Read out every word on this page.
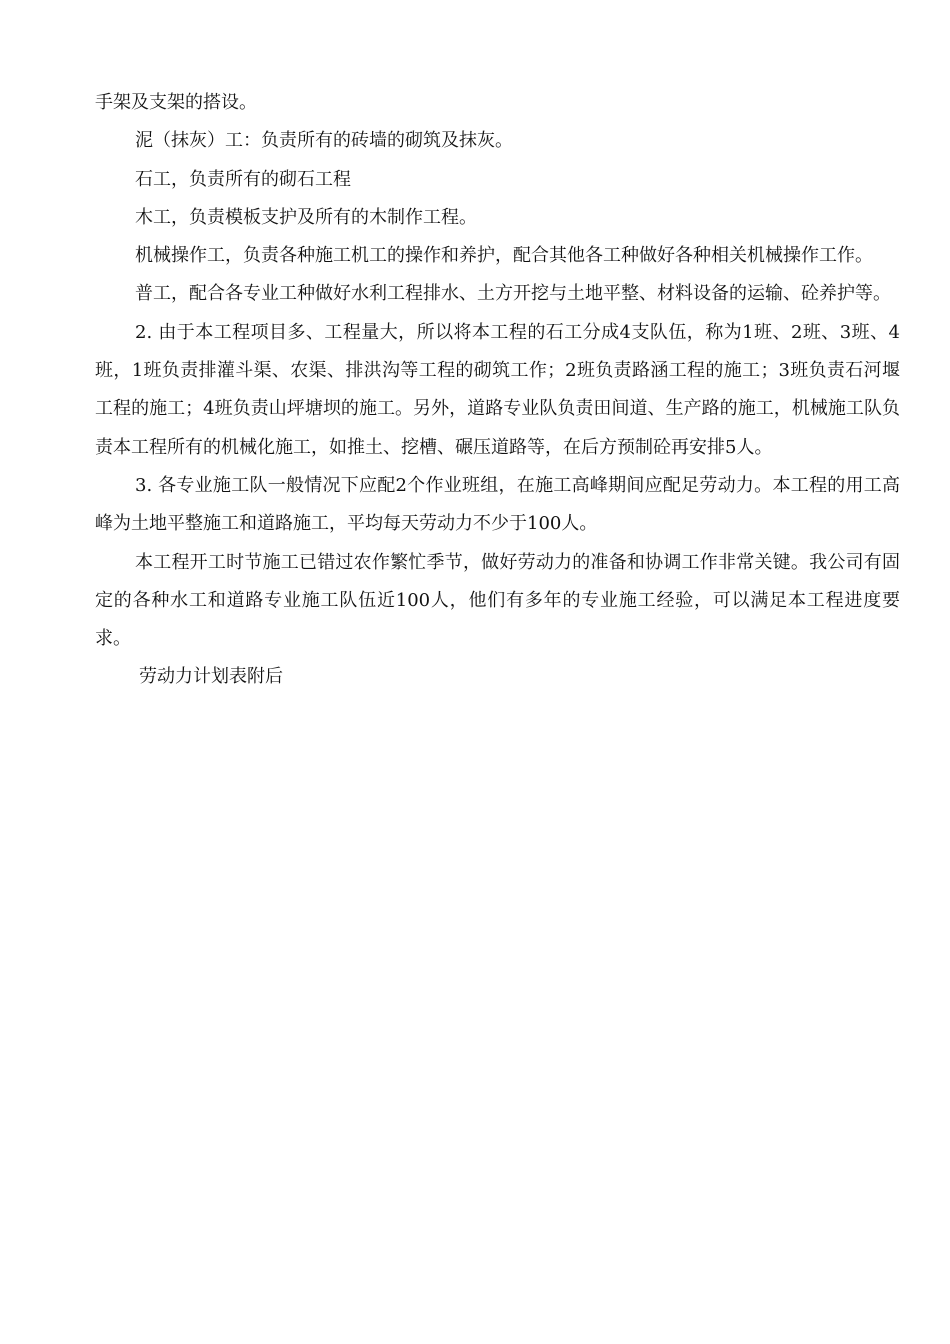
手架及支架的搭设。

泥（抹灰）工：负责所有的砖墙的砌筑及抹灰。

石工，负责所有的砌石工程

木工，负责模板支护及所有的木制作工程。

机械操作工，负责各种施工机工的操作和养护，配合其他各工种做好各种相关机械操作工作。

普工，配合各专业工种做好水利工程排水、土方开挖与土地平整、材料设备的运输、砼养护等。

2. 由于本工程项目多、工程量大，所以将本工程的石工分成4支队伍，称为1班、2班、3班、4班，1班负责排灌斗渠、农渠、排洪沟等工程的砌筑工作；2班负责路涵工程的施工；3班负责石河堰工程的施工；4班负责山坪塘坝的施工。另外，道路专业队负责田间道、生产路的施工，机械施工队负责本工程所有的机械化施工，如推土、挖槽、碾压道路等，在后方预制砼再安排5人。

3. 各专业施工队一般情况下应配2个作业班组，在施工高峰期间应配足劳动力。本工程的用工高峰为土地平整施工和道路施工，平均每天劳动力不少于100人。

本工程开工时节施工已错过农作繁忙季节，做好劳动力的准备和协调工作非常关键。我公司有固定的各种水工和道路专业施工队伍近100人，他们有多年的专业施工经验，可以满足本工程进度要求。

劳动力计划表附后
